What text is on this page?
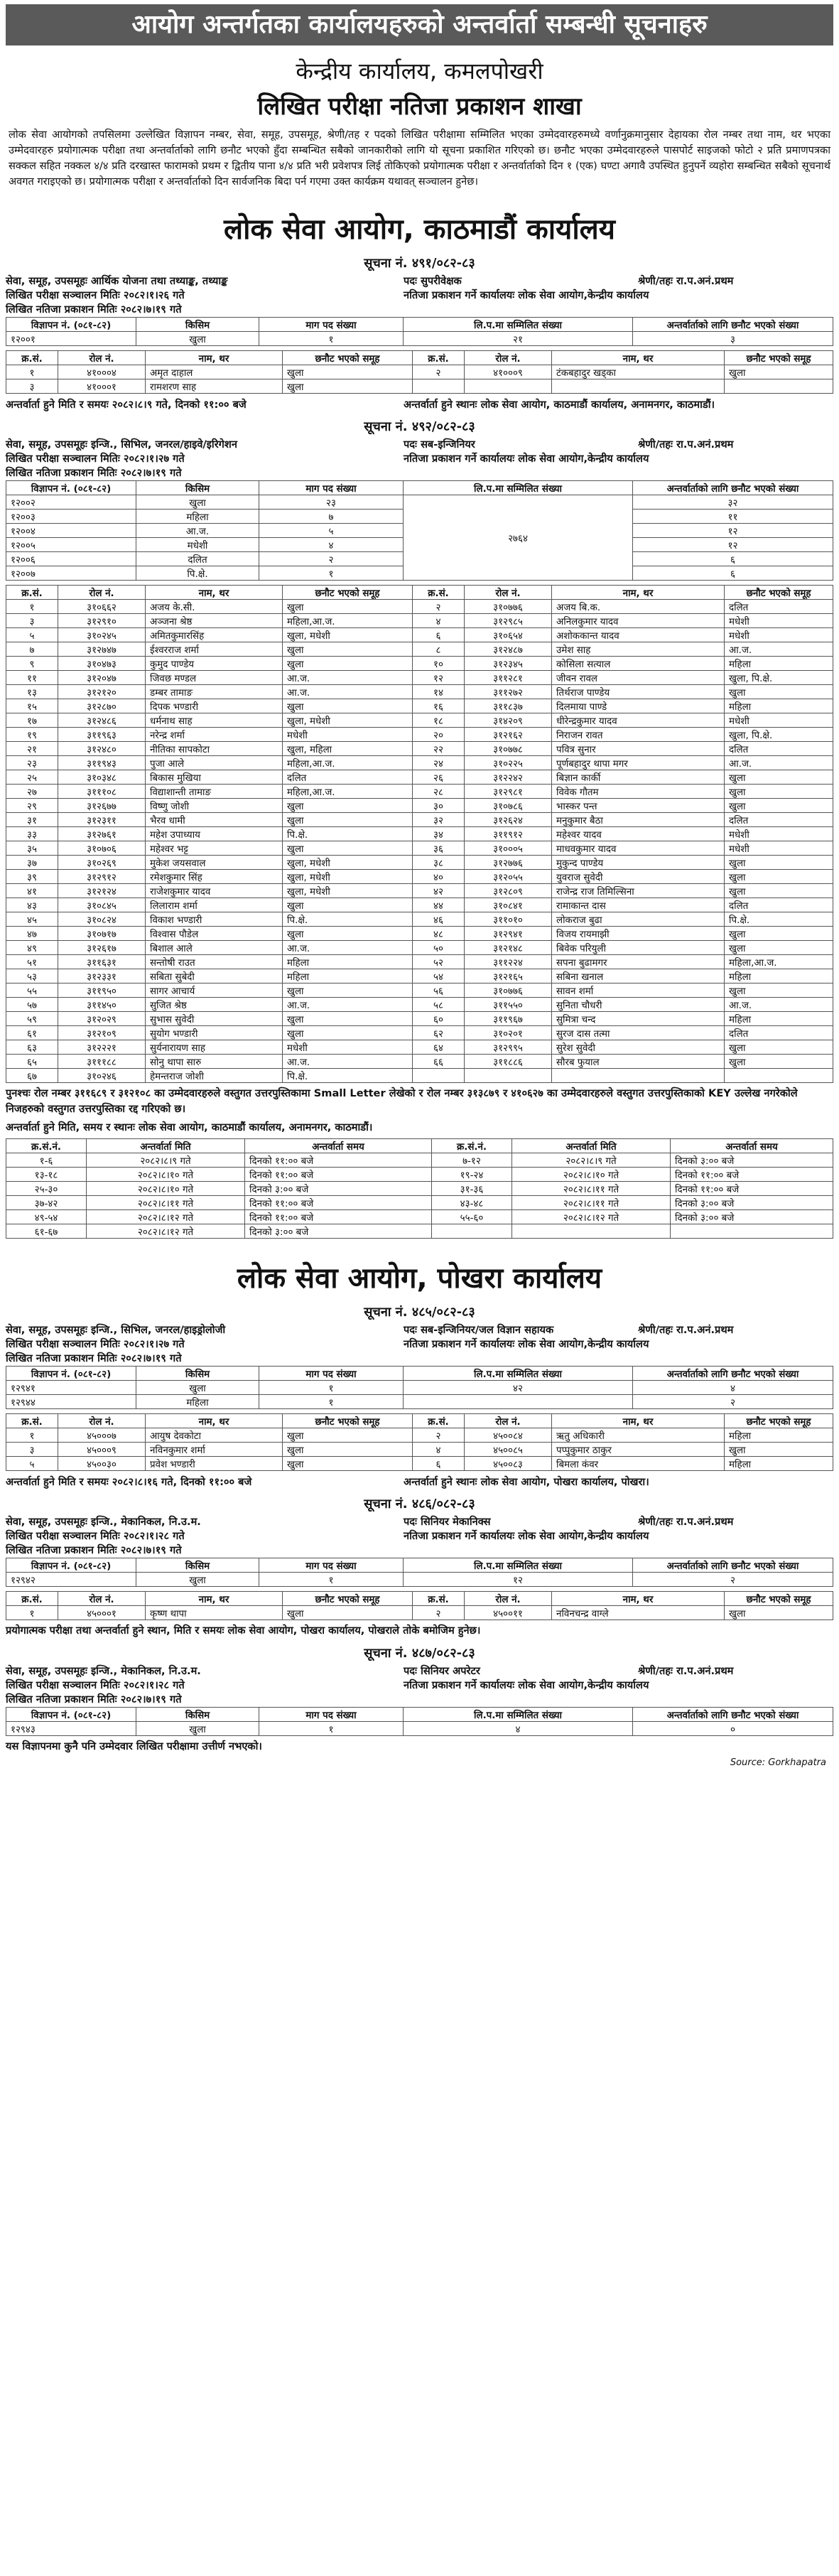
आयोग अन्तर्गतका कार्यालयहरुको अन्तर्वार्ता सम्बन्धी सूचनाहरु
केन्द्रीय कार्यालय, कमलपोखरी
लिखित परीक्षा नतिजा प्रकाशन शाखा
लोक सेवा आयोगको तपसिलमा उल्लेखित विज्ञापन नम्बर, सेवा, समूह, उपसमूह, श्रेणी/तह र पदको लिखित परीक्षामा सम्मिलित भएका उम्मेदवारहरुमध्ये वर्णानुक्रमानुसार देहायका रोल नम्बर तथा नाम, थर भएका उम्मेदवारहरु प्रयोगात्मक परीक्षा तथा अन्तर्वार्ताको लागि छनौट भएको हुँदा सम्बन्धित सबैको जानकारीको लागि यो सूचना प्रकाशित गरिएको छ। छनौट भएका उम्मेदवारहरुले पासपोर्ट साइजको फोटो २ प्रति प्रमाणपत्रका सक्कल सहित नक्कल ४/४ प्रति दरखास्त फारामको प्रथम र द्वितीय पाना ४/४ प्रति भरी प्रवेशपत्र लिई तोकिएको प्रयोगात्मक परीक्षा र अन्तर्वार्ताको दिन १ (एक) घण्टा अगावै उपस्थित हुनुपर्ने व्यहोरा सम्बन्धित सबैको सूचनार्थ अवगत गराइएको छ। प्रयोगात्मक परीक्षा र अन्तर्वार्ताको दिन सार्वजनिक बिदा पर्न गएमा उक्त कार्यक्रम यथावत् सञ्चालन हुनेछ।
लोक सेवा आयोग, काठमाडौं कार्यालय
सूचना नं. ४९१/०८२-८३
सेवा, समूह, उपसमूहः आर्थिक योजना तथा तथ्याङ्क, तथ्याङ्क	पदः सुपरीवेक्षक	श्रेणी/तहः रा.प.अनं.प्रथम
लिखित परीक्षा सञ्चालन मितिः २०८२।१।२६ गते	नतिजा प्रकाशन गर्ने कार्यालयः लोक सेवा आयोग,केन्द्रीय कार्यालय
लिखित नतिजा प्रकाशन मितिः २०८२।७।१९ गते
विज्ञापन नं. (०८१-८२)	किसिम	माग पद संख्या	लि.प.मा सम्मिलित संख्या	अन्तर्वार्ताको लागि छनौट भएको संख्या
१२००१	खुला	१	२१	३
क्र.सं.	रोल नं.	नाम, थर	छनौट भएको समूह	क्र.सं.	रोल नं.	नाम, थर	छनौट भएको समूह
१	४१०००४	अमृत दाहाल	खुला	२	४१०००९	टंकबहादुर खड्का	खुला
३	४१०००१	रामशरण साह	खुला				
अन्तर्वार्ता हुने मिति र समयः २०८२।८।९ गते, दिनको ११:०० बजे	अन्तर्वार्ता हुने स्थानः लोक सेवा आयोग, काठमाडौं कार्यालय, अनामनगर, काठमाडौं।
सूचना नं. ४९२/०८२-८३
सेवा, समूह, उपसमूहः इन्जि., सिभिल, जनरल/हाइवे/इरिगेशन	पदः सब-इन्जिनियर	श्रेणी/तहः रा.प.अनं.प्रथम
लिखित परीक्षा सञ्चालन मितिः २०८२।१।२७ गते	नतिजा प्रकाशन गर्ने कार्यालयः लोक सेवा आयोग,केन्द्रीय कार्यालय
लिखित नतिजा प्रकाशन मितिः २०८२।७।१९ गते
विज्ञापन नं. (०८१-८२)	किसिम	माग पद संख्या	लि.प.मा सम्मिलित संख्या	अन्तर्वार्ताको लागि छनौट भएको संख्या
१२००२	खुला	२३	२७६४	३२
१२००३	महिला	७		११
१२००४	आ.ज.	५		१२
१२००५	मधेशी	४		१२
१२००६	दलित	२		६
१२००७	पि.क्षे.	१		६
क्र.सं.	रोल नं.	नाम, थर	छनौट भएको समूह	क्र.सं.	रोल नं.	नाम, थर	छनौट भएको समूह
१	३१०६६२	अजय के.सी.	खुला	२	३१०७७६	अजय बि.क.	दलित
३	३१२९१०	अञ्जना श्रेष्ठ	महिला,आ.ज.	४	३१२९८५	अनिलकुमार यादव	मधेशी
५	३१०२४५	अमितकुमारसिंह	खुला, मधेशी	६	३१०६५४	अशोककान्त यादव	मधेशी
७	३१२७४७	ईश्वरराज शर्मा	खुला	८	३१२४८७	उमेश साह	आ.ज.
९	३१०४७३	कुमुद पाण्डेय	खुला	१०	३१२३४५	कोसिला सत्याल	महिला
११	३१२०४७	जिवछ मण्डल	आ.ज.	१२	३११२८१	जीवन रावल	खुला, पि.क्षे.
१३	३१२१२०	डम्बर तामाङ	आ.ज.	१४	३११२७२	तिर्थराज पाण्डेय	खुला
१५	३१२८७०	दिपक भण्डारी	खुला	१६	३११८३७	दिलमाया पाण्डे	महिला
१७	३१२४८६	धर्मनाथ साह	खुला, मधेशी	१८	३१४२०९	धीरेन्द्रकुमार यादव	मधेशी
१९	३११९६३	नरेन्द्र शर्मा	मधेशी	२०	३१२१६२	निराजन रावत	खुला, पि.क्षे.
२१	३१२४८०	नीतिका सापकोटा	खुला, महिला	२२	३१०७७८	पवित्र सुनार	दलित
२३	३११९४३	पुजा आले	महिला,आ.ज.	२४	३१०२२५	पूर्णबहादुर थापा मगर	आ.ज.
२५	३१०३४८	बिकास मुखिया	दलित	२६	३१२२४२	बिज्ञान कार्की	खुला
२७	३१११०८	विद्याशान्ती तामाङ	महिला,आ.ज.	२८	३१२९८१	विवेक गौतम	खुला
२९	३१२६७७	विष्णु जोशी	खुला	३०	३१०७८६	भास्कर पन्त	खुला
३१	३१२३११	भैरव धामी	खुला	३२	३१२६२४	मनुकुमार बैठा	दलित
३३	३१२७६१	महेश उपाध्याय	पि.क्षे.	३४	३११९१२	महेश्वर यादव	मधेशी
३५	३१०७०६	महेश्वर भट्ट	खुला	३६	३१०००५	माधवकुमार यादव	मधेशी
३७	३१०२६९	मुकेश जयसवाल	खुला, मधेशी	३८	३१२७७६	मुकुन्द पाण्डेय	खुला
३९	३१२९१२	रमेशकुमार सिंह	खुला, मधेशी	४०	३१२०५५	युवराज सुवेदी	खुला
४१	३१२१२४	राजेशकुमार यादव	खुला, मधेशी	४२	३१२८०९	राजेन्द्र राज तिमिल्सिना	खुला
४३	३१०८४५	लिलाराम शर्मा	खुला	४४	३१०८४१	रामाकान्त दास	दलित
४५	३१०८२४	विकाश भण्डारी	पि.क्षे.	४६	३११०१०	लोकराज बुढा	पि.क्षे.
४७	३१०७१७	विश्वास पौडेल	खुला	४८	३१२९४१	विजय रायमाझी	खुला
४९	३१२६१७	बिशाल आले	आ.ज.	५०	३१२१४८	बिवेक परियुली	खुला
५१	३११६३१	सन्तोषी राउत	महिला	५२	३११२२४	सपना बुढामगर	महिला,आ.ज.
५३	३१२३३१	सबिता सुबेदी	महिला	५४	३१२१६५	सबिना खनाल	महिला
५५	३११९५०	सागर आचार्य	खुला	५६	३१०७७६	सावन शर्मा	खुला
५७	३११४५०	सुजित श्रेष्ठ	आ.ज.	५८	३११५५०	सुनिता चौधरी	आ.ज.
५९	३१२०२९	सुभास सुवेदी	खुला	६०	३११९६७	सुमित्रा चन्द	महिला
६१	३१२१०९	सुयोग भण्डारी	खुला	६२	३१०२०१	सुरज दास तत्मा	दलित
६३	३१२२२१	सुर्यनारायण साह	मधेशी	६४	३१२९९५	सुरेश सुवेदी	खुला
६५	३१११८८	सोनु थापा सारु	आ.ज.	६६	३११८८६	सौरब फुयाल	खुला
६७	३१०२४६	हेमन्तराज जोशी	पि.क्षे.				
पुनश्चः रोल नम्बर ३११६८९ र ३१२१०८ का उम्मेदवारहरुले वस्तुगत उत्तरपुस्तिकामा Small Letter लेखेको र रोल नम्बर ३१३८७९ र ४१०६२७ का उम्मेदवारहरुले वस्तुगत उत्तरपुस्तिकाको KEY उल्लेख नगरेकोले निजहरुको वस्तुगत उत्तरपुस्तिका रद्द गरिएको छ।
अन्तर्वार्ता हुने मिति, समय र स्थानः लोक सेवा आयोग, काठमाडौं कार्यालय, अनामनगर, काठमाडौं।
क्र.सं.नं.	अन्तर्वार्ता मिति	अन्तर्वार्ता समय	क्र.सं.नं.	अन्तर्वार्ता मिति	अन्तर्वार्ता समय
१-६	२०८२।८।९ गते	दिनको ११:०० बजे	७-१२	२०८२।८।९ गते	दिनको ३:०० बजे
१३-१८	२०८२।८।१० गते	दिनको ११:०० बजे	१९-२४	२०८२।८।१० गते	दिनको ११:०० बजे
२५-३०	२०८२।८।१० गते	दिनको ३:०० बजे	३१-३६	२०८२।८।११ गते	दिनको ११:०० बजे
३७-४२	२०८२।८।११ गते	दिनको ११:०० बजे	४३-४८	२०८२।८।११ गते	दिनको ३:०० बजे
४९-५४	२०८२।८।१२ गते	दिनको ११:०० बजे	५५-६०	२०८२।८।१२ गते	दिनको ३:०० बजे
६१-६७	२०८२।८।१२ गते	दिनको ३:०० बजे			
लोक सेवा आयोग, पोखरा कार्यालय
सूचना नं. ४८५/०८२-८३
सेवा, समूह, उपसमूहः इन्जि., सिभिल, जनरल/हाइड्रोलोजी	पदः सब-इन्जिनियर/जल विज्ञान सहायक	श्रेणी/तहः रा.प.अनं.प्रथम
लिखित परीक्षा सञ्चालन मितिः २०८२।१।२७ गते	नतिजा प्रकाशन गर्ने कार्यालयः लोक सेवा आयोग,केन्द्रीय कार्यालय
लिखित नतिजा प्रकाशन मितिः २०८२।७।१९ गते
विज्ञापन नं. (०८१-८२)	किसिम	माग पद संख्या	लि.प.मा सम्मिलित संख्या	अन्तर्वार्ताको लागि छनौट भएको संख्या
१२९४१	खुला	१	४२	४
१२९४४	महिला	१		२
क्र.सं.	रोल नं.	नाम, थर	छनौट भएको समूह	क्र.सं.	रोल नं.	नाम, थर	छनौट भएको समूह
१	४५०००७	आयुष देवकोटा	खुला	२	४५००८४	ऋतु अधिकारी	महिला
३	४५०००९	नविनकुमार शर्मा	खुला	४	४५००८५	पप्पुकुमार ठाकुर	खुला
५	४५००३०	प्रवेश भण्डारी	खुला	६	४५००८३	बिमला कंवर	महिला
अन्तर्वार्ता हुने मिति र समयः २०८२।८।१६ गते, दिनको ११:०० बजे	अन्तर्वार्ता हुने स्थानः लोक सेवा आयोग, पोखरा कार्यालय, पोखरा।
सूचना नं. ४८६/०८२-८३
सेवा, समूह, उपसमूहः इन्जि., मेकानिकल, नि.उ.म.	पदः सिनियर मेकानिक्स	श्रेणी/तहः रा.प.अनं.प्रथम
लिखित परीक्षा सञ्चालन मितिः २०८२।१।२८ गते	नतिजा प्रकाशन गर्ने कार्यालयः लोक सेवा आयोग,केन्द्रीय कार्यालय
लिखित नतिजा प्रकाशन मितिः २०८२।७।१९ गते
विज्ञापन नं. (०८१-८२)	किसिम	माग पद संख्या	लि.प.मा सम्मिलित संख्या	अन्तर्वार्ताको लागि छनौट भएको संख्या
१२९४२	खुला	१	१२	२
क्र.सं.	रोल नं.	नाम, थर	छनौट भएको समूह	क्र.सं.	रोल नं.	नाम, थर	छनौट भएको समूह
१	४५०००१	कृष्ण थापा	खुला	२	४५००११	नविनचन्द्र वाग्ले	खुला
प्रयोगात्मक परीक्षा तथा अन्तर्वार्ता हुने स्थान, मिति र समयः लोक सेवा आयोग, पोखरा कार्यालय, पोखराले तोके बमोजिम हुनेछ।
सूचना नं. ४८७/०८२-८३
सेवा, समूह, उपसमूहः इन्जि., मेकानिकल, नि.उ.म.	पदः सिनियर अपरेटर	श्रेणी/तहः रा.प.अनं.प्रथम
लिखित परीक्षा सञ्चालन मितिः २०८२।१।२८ गते	नतिजा प्रकाशन गर्ने कार्यालयः लोक सेवा आयोग,केन्द्रीय कार्यालय
लिखित नतिजा प्रकाशन मितिः २०८२।७।१९ गते
विज्ञापन नं. (०८१-८२)	किसिम	माग पद संख्या	लि.प.मा सम्मिलित संख्या	अन्तर्वार्ताको लागि छनौट भएको संख्या
१२९४३	खुला	१	४	०
यस विज्ञापनमा कुनै पनि उम्मेदवार लिखित परीक्षामा उत्तीर्ण नभएको।
Source: Gorkhapatra
